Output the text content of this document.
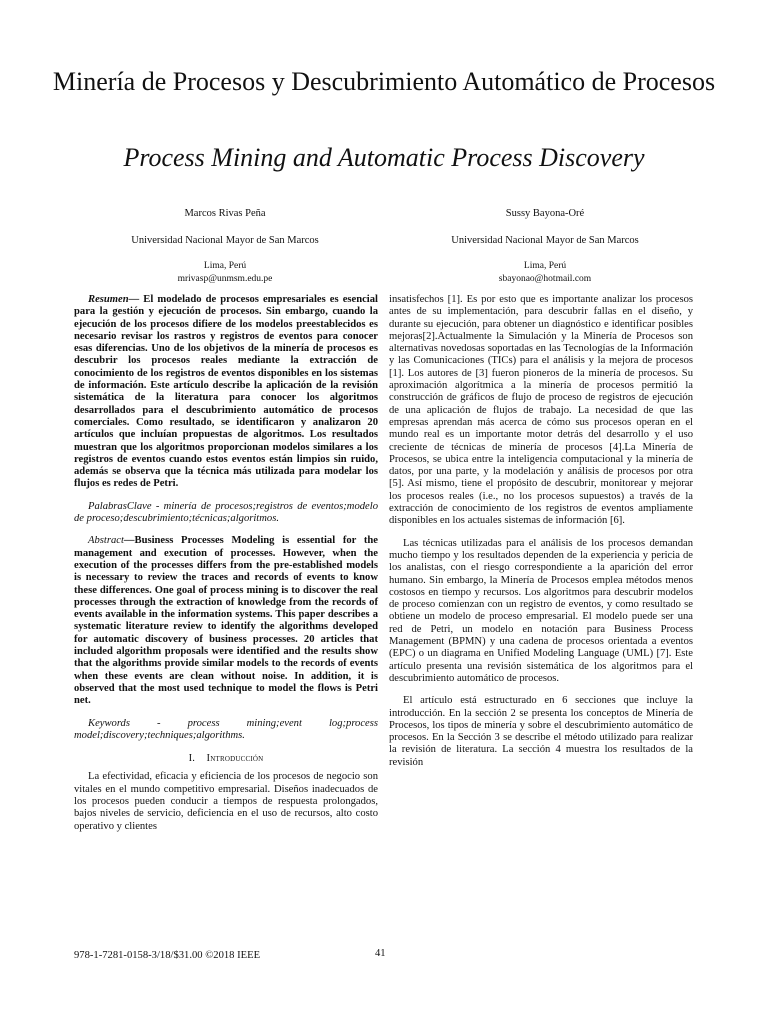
Minería de Procesos y Descubrimiento Automático de Procesos
Process Mining and Automatic Process Discovery
Marcos Rivas Peña
Universidad Nacional Mayor de San Marcos
Lima, Perú
mrivasp@unmsm.edu.pe
Sussy Bayona-Oré
Universidad Nacional Mayor de San Marcos
Lima, Perú
sbayonao@hotmail.com

Resumen— El modelado de procesos empresariales es esencial para la gestión y ejecución de procesos. Sin embargo, cuando la ejecución de los procesos difiere de los modelos preestablecidos es necesario revisar los rastros y registros de eventos para conocer esas diferencias. Uno de los objetivos de la minería de procesos es descubrir los procesos reales mediante la extracción de conocimiento de los registros de eventos disponibles en los sistemas de información. Este artículo describe la aplicación de la revisión sistemática de la literatura para conocer los algoritmos desarrollados para el descubrimiento automático de procesos comerciales. Como resultado, se identificaron y analizaron 20 artículos que incluían propuestas de algoritmos. Los resultados muestran que los algoritmos proporcionan modelos similares a los registros de eventos cuando estos eventos están limpios sin ruido, además se observa que la técnica más utilizada para modelar los flujos es redes de Petri.

PalabrasClave - minería de procesos;registros de eventos;modelo de proceso;descubrimiento;técnicas;algoritmos.

Abstract—Business Processes Modeling is essential for the management and execution of processes. However, when the execution of the processes differs from the pre-established models is necessary to review the traces and records of events to know these differences. One goal of process mining is to discover the real processes through the extraction of knowledge from the records of events available in the information systems. This paper describes a systematic literature review to identify the algorithms developed for automatic discovery of business processes. 20 articles that included algorithm proposals were identified and the results show that the algorithms provide similar models to the records of events when these events are clean without noise. In addition, it is observed that the most used technique to model the flows is Petri net.

Keywords - process mining;event log;process model;discovery;techniques;algorithms.

I. Introducción

La efectividad, eficacia y eficiencia de los procesos de negocio son vitales en el mundo competitivo empresarial. Diseños inadecuados de los procesos pueden conducir a tiempos de respuesta prolongados, bajos niveles de servicio, deficiencia en el uso de recursos, alto costo operativo y clientes

insatisfechos [1]. Es por esto que es importante analizar los procesos antes de su implementación, para descubrir fallas en el diseño, y durante su ejecución, para obtener un diagnóstico e identificar posibles mejoras[2].Actualmente la Simulación y la Minería de Procesos son alternativas novedosas soportadas en las Tecnologías de la Información y las Comunicaciones (TICs) para el análisis y la mejora de procesos [1]. Los autores de [3] fueron pioneros de la minería de procesos. Su aproximación algorítmica a la minería de procesos permitió la construcción de gráficos de flujo de proceso de registros de ejecución de una aplicación de flujos de trabajo. La necesidad de que las empresas aprendan más acerca de cómo sus procesos operan en el mundo real es un importante motor detrás del desarrollo y el uso creciente de técnicas de minería de procesos [4].La Minería de Procesos, se ubica entre la inteligencia computacional y la minería de datos, por una parte, y la modelación y análisis de procesos por otra [5]. Así mismo, tiene el propósito de descubrir, monitorear y mejorar los procesos reales (i.e., no los procesos supuestos) a través de la extracción de conocimiento de los registros de eventos ampliamente disponibles en los actuales sistemas de información [6].

Las técnicas utilizadas para el análisis de los procesos demandan mucho tiempo y los resultados dependen de la experiencia y pericia de los analistas, con el riesgo correspondiente a la aparición del error humano. Sin embargo, la Minería de Procesos emplea métodos menos costosos en tiempo y recursos. Los algoritmos para descubrir modelos de proceso comienzan con un registro de eventos, y como resultado se obtiene un modelo de proceso empresarial. El modelo puede ser una red de Petri, un modelo en notación para Business Process Management (BPMN) y una cadena de procesos orientada a eventos (EPC) o un diagrama en Unified Modeling Language (UML) [7]. Este artículo presenta una revisión sistemática de los algoritmos para el descubrimiento automático de procesos.

El artículo está estructurado en 6 secciones que incluye la introducción. En la sección 2 se presenta los conceptos de Minería de Procesos, los tipos de minería y sobre el descubrimiento automático de procesos. En la Sección 3 se describe el método utilizado para realizar la revisión de literatura. La sección 4 muestra los resultados de la revisión

978-1-7281-0158-3/18/$31.00 ©2018 IEEE	41
